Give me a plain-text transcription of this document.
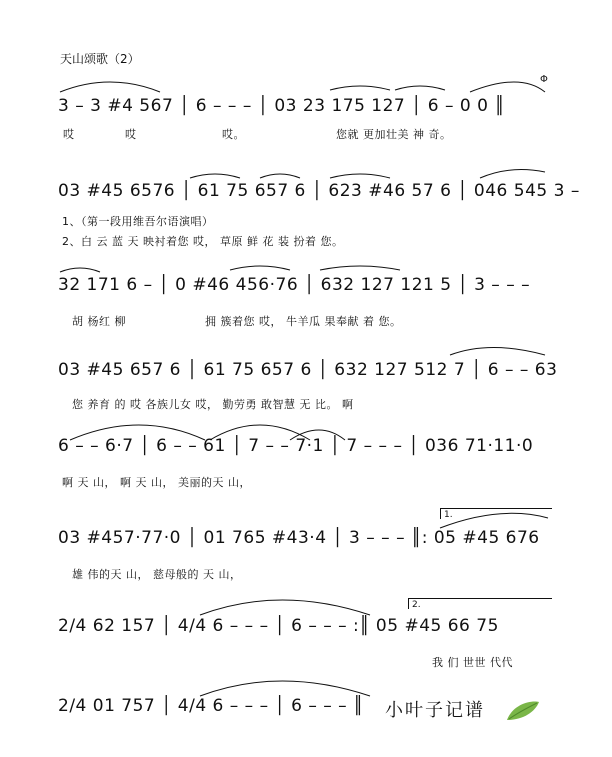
天山颂歌（2）
Φ
3 – 3 #4 567 │ 6 – – – │ 03 23 175 127 │ 6 – 0 0 ║
哎	哎	哎。	您就 更加壮美 神 奇。
03 #45 6576 │ 61 75 657 6 │ 623 #46 57 6 │ 046 545 3 –
1、（第一段用维吾尔语演唱）
2、白 云 蓝 天 映衬着您 哎， 草原 鲜 花 装 扮着 您。
32 171 6 – │ 0 #46 456·76 │ 632 127 121 5 │ 3 – – –
胡 杨红 柳	拥 簇着您 哎， 牛羊瓜 果奉献 着 您。
03 #45 657 6 │ 61 75 657 6 │ 632 127 512 7 │ 6 – – 63
您 养育 的 哎 各族儿女 哎， 勤劳勇 敢智慧 无 比。 啊
6 – – 6·7 │ 6 – – 61 │ 7 – – 7·1 │ 7 – – – │ 036 71·11·0
啊 天 山， 啊 天 山， 美丽的天 山，
1.
03 #457·77·0 │ 01 765 #43·4 │ 3 – – – ║: 05 #45 676
雄 伟的天 山， 慈母般的 天 山，
2.
2/4 62 157 │ 4/4 6 – – – │ 6 – – – :║ 05 #45 66 75
我 们 世世 代代
2/4 01 757 │ 4/4 6 – – – │ 6 – – – ║ 小叶子记谱
